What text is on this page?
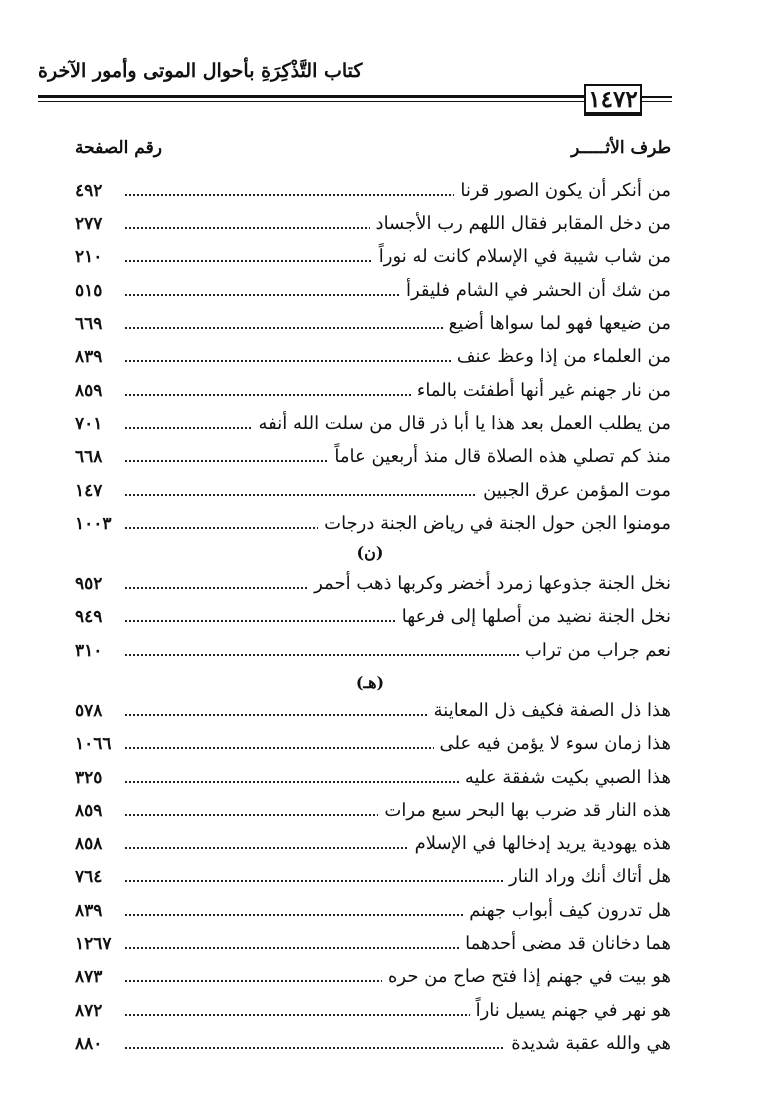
كتاب التَّذْكِرَةِ بأحوال الموتى وأمور الآخرة
١٤٧٢
طرف الأثـــــر
رقم الصفحة
من أنكر أن يكون الصور قرنا
٤٩٢
من دخل المقابر فقال اللهم رب الأجساد
٢٧٧
من شاب شيبة في الإسلام كانت له نوراً
٢١٠
من شك أن الحشر في الشام فليقرأ
٥١٥
من ضيعها فهو لما سواها أضيع
٦٦٩
من العلماء من إذا وعظ عنف
٨٣٩
من نار جهنم غير أنها أطفئت بالماء
٨٥٩
من يطلب العمل بعد هذا يا أبا ذر قال من سلت الله أنفه
٧٠١
منذ كم تصلي هذه الصلاة قال منذ أربعين عاماً
٦٦٨
موت المؤمن عرق الجبين
١٤٧
مومنوا الجن حول الجنة في رياض الجنة درجات
١٠٠٣
(ن)
نخل الجنة جذوعها زمرد أخضر وكربها ذهب أحمر
٩٥٢
نخل الجنة نضيد من أصلها إلى فرعها
٩٤٩
نعم جراب من تراب
٣١٠
(هـ)
هذا ذل الصفة فكيف ذل المعاينة
٥٧٨
هذا زمان سوء لا يؤمن فيه على
١٠٦٦
هذا الصبي بكيت شفقة عليه
٣٢٥
هذه النار قد ضرب بها البحر سبع مرات
٨٥٩
هذه يهودية يريد إدخالها في الإسلام
٨٥٨
هل أتاك أنك وراد النار
٧٦٤
هل تدرون كيف أبواب جهنم
٨٣٩
هما دخانان قد مضى أحدهما
١٢٦٧
هو بيت في جهنم إذا فتح صاح من حره
٨٧٣
هو نهر في جهنم يسيل ناراً
٨٧٢
هي والله عقبة شديدة
٨٨٠
